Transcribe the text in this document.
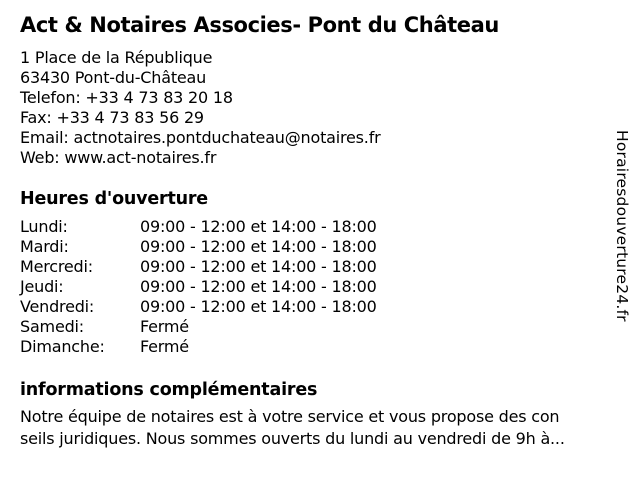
Act & Notaires Associes- Pont du Château
1 Place de la République
63430 Pont-du-Château
Telefon: +33 4 73 83 20 18
Fax: +33 4 73 83 56 29
Email: actnotaires.pontduchateau@notaires.fr
Web: www.act-notaires.fr
Heures d'ouverture
Lundi:	09:00 - 12:00 et 14:00 - 18:00
Mardi:	09:00 - 12:00 et 14:00 - 18:00
Mercredi:	09:00 - 12:00 et 14:00 - 18:00
Jeudi:	09:00 - 12:00 et 14:00 - 18:00
Vendredi:	09:00 - 12:00 et 14:00 - 18:00
Samedi:	Fermé
Dimanche:	Fermé
informations complémentaires
Notre équipe de notaires est à votre service et vous propose des con
seils juridiques. Nous sommes ouverts du lundi au vendredi de 9h à...
Horairesdouverture24.fr
